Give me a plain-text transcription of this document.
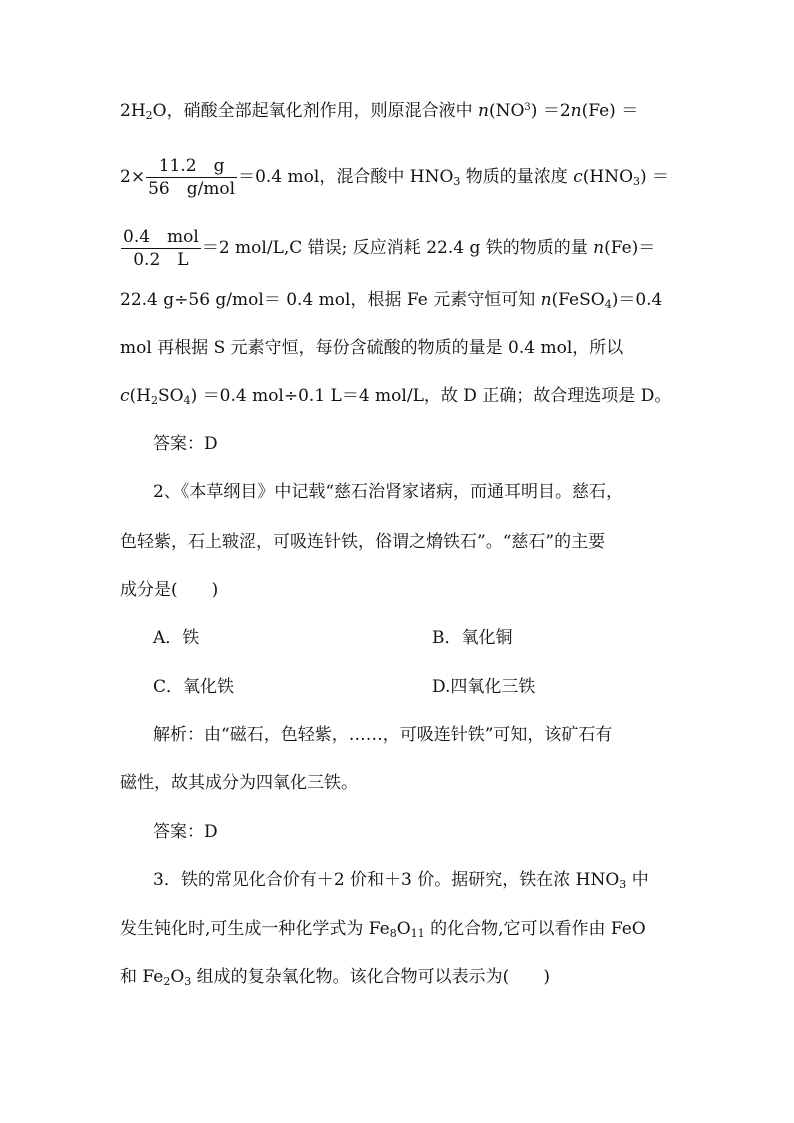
$2H_2O$，硝酸全部起氧化剂作用，则原混合液中 $n(NO^3) =2n(Fe)$ ＝
$2\times \frac{11.2 g}{\text{56　g/mol}} =0.4$ mol，混合酸中 $HNO_3$ 物质的量浓度 $c(HNO_3)$ ＝
$\frac{\text{0.4　mol}}{0.2 L} =2$ mol/L,C 错误; 反应消耗 22.4 g 铁的物质的量 n(Fe)＝
22.4 g÷56 g/mol＝ 0.4 mol，根据 Fe 元素守恒可知 n(FeSO$_4$)＝0.4
mol 再根据 S 元素守恒，每份含硫酸的物质的量是 0.4 mol，所以
$c(H_2SO_4) =0.4$ mol÷0.1 L＝4 mol/L，故 D 正确；故合理选项是 D。
答案：D
2、《本草纲目》中记载“慈石治肾家诸病，而通耳明目。慈石，
色轻紫，石上皲涩，可吸连针铁，俗谓之熁铁石”。“慈石”的主要
成分是(　　)
A．铁	B．氧化铜
C．氧化铁	D.四氧化三铁
解析：由“磁石，色轻紫，……，可吸连针铁”可知，该矿石有
磁性，故其成分为四氧化三铁。
答案：D
3．铁的常见化合价有＋2 价和＋3 价。据研究，铁在浓 $HNO_3$ 中
发生钝化时,可生成一种化学式为 $Fe_8O_{11}$ 的化合物,它可以看作由 FeO
和 $Fe_2O_3$ 组成的复杂氧化物。该化合物可以表示为(　　)
